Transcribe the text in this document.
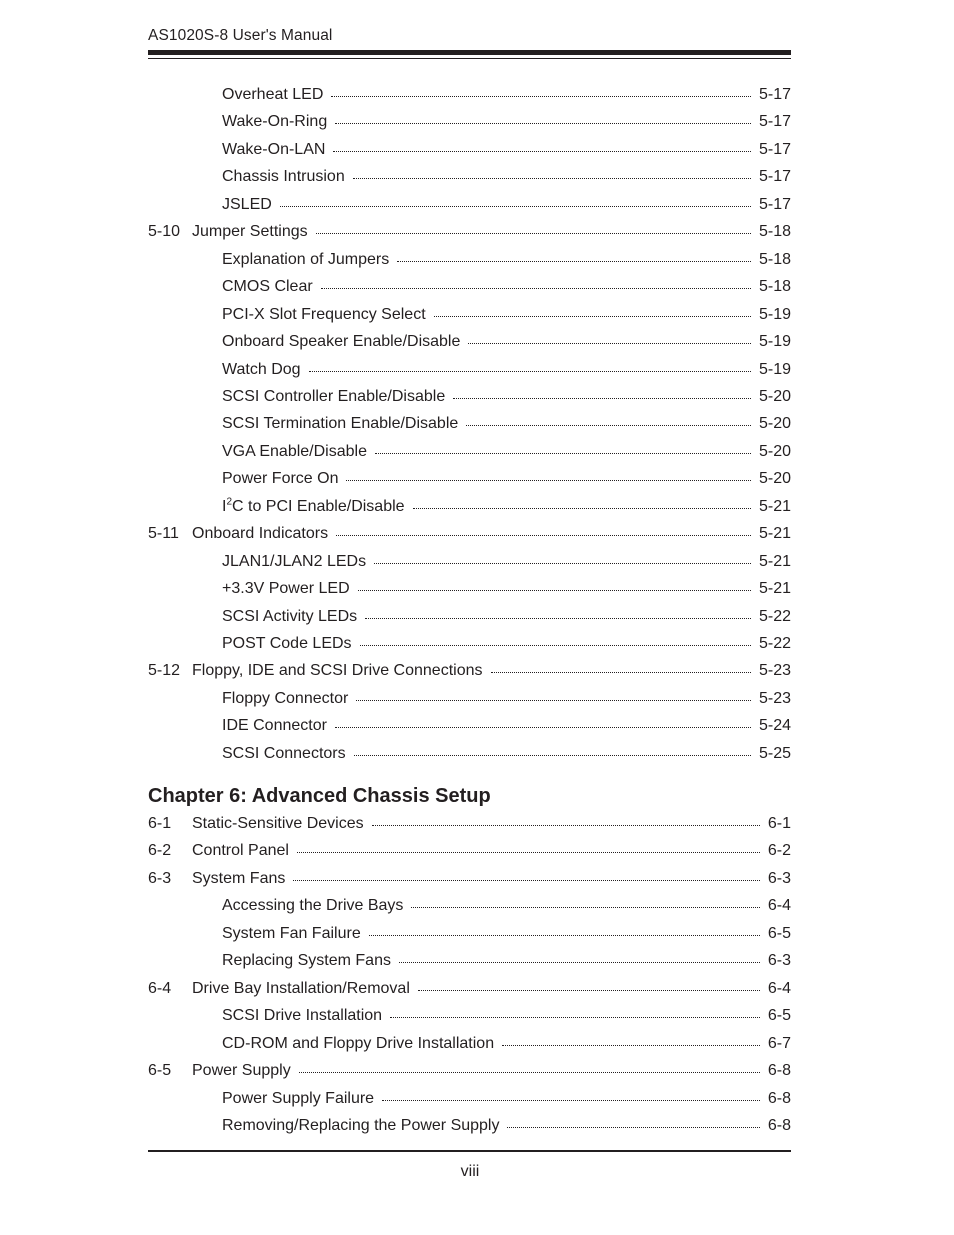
AS1020S-8 User's Manual
Overheat LED	5-17
Wake-On-Ring	5-17
Wake-On-LAN	5-17
Chassis Intrusion	5-17
JSLED	5-17
5-10 Jumper Settings	5-18
Explanation of Jumpers	5-18
CMOS Clear	5-18
PCI-X Slot Frequency Select	5-19
Onboard Speaker Enable/Disable	5-19
Watch Dog	5-19
SCSI Controller Enable/Disable	5-20
SCSI Termination Enable/Disable	5-20
VGA Enable/Disable	5-20
Power Force On	5-20
$I^2C$ to PCI Enable/Disable	5-21
5-11 Onboard Indicators	5-21
JLAN1/JLAN2 LEDs	5-21
+3.3V Power LED	5-21
SCSI Activity LEDs	5-22
POST Code LEDs	5-22
5-12 Floppy, IDE and SCSI Drive Connections	5-23
Floppy Connector	5-23
IDE Connector	5-24
SCSI Connectors	5-25
6-1	Static-Sensitive Devices	6-1
6-2	Control Panel	6-2
6-3	System Fans	6-3
Accessing the Drive Bays	6-4
System Fan Failure	6-5
Replacing System Fans	6-3
6-4	Drive Bay Installation/Removal	6-4
SCSI Drive Installation	6-5
CD-ROM and Floppy Drive Installation	6-7
6-5	Power Supply	6-8
Power Supply Failure	6-8
Removing/Replacing the Power Supply	6-8
Chapter 6: Advanced Chassis Setup
viii
